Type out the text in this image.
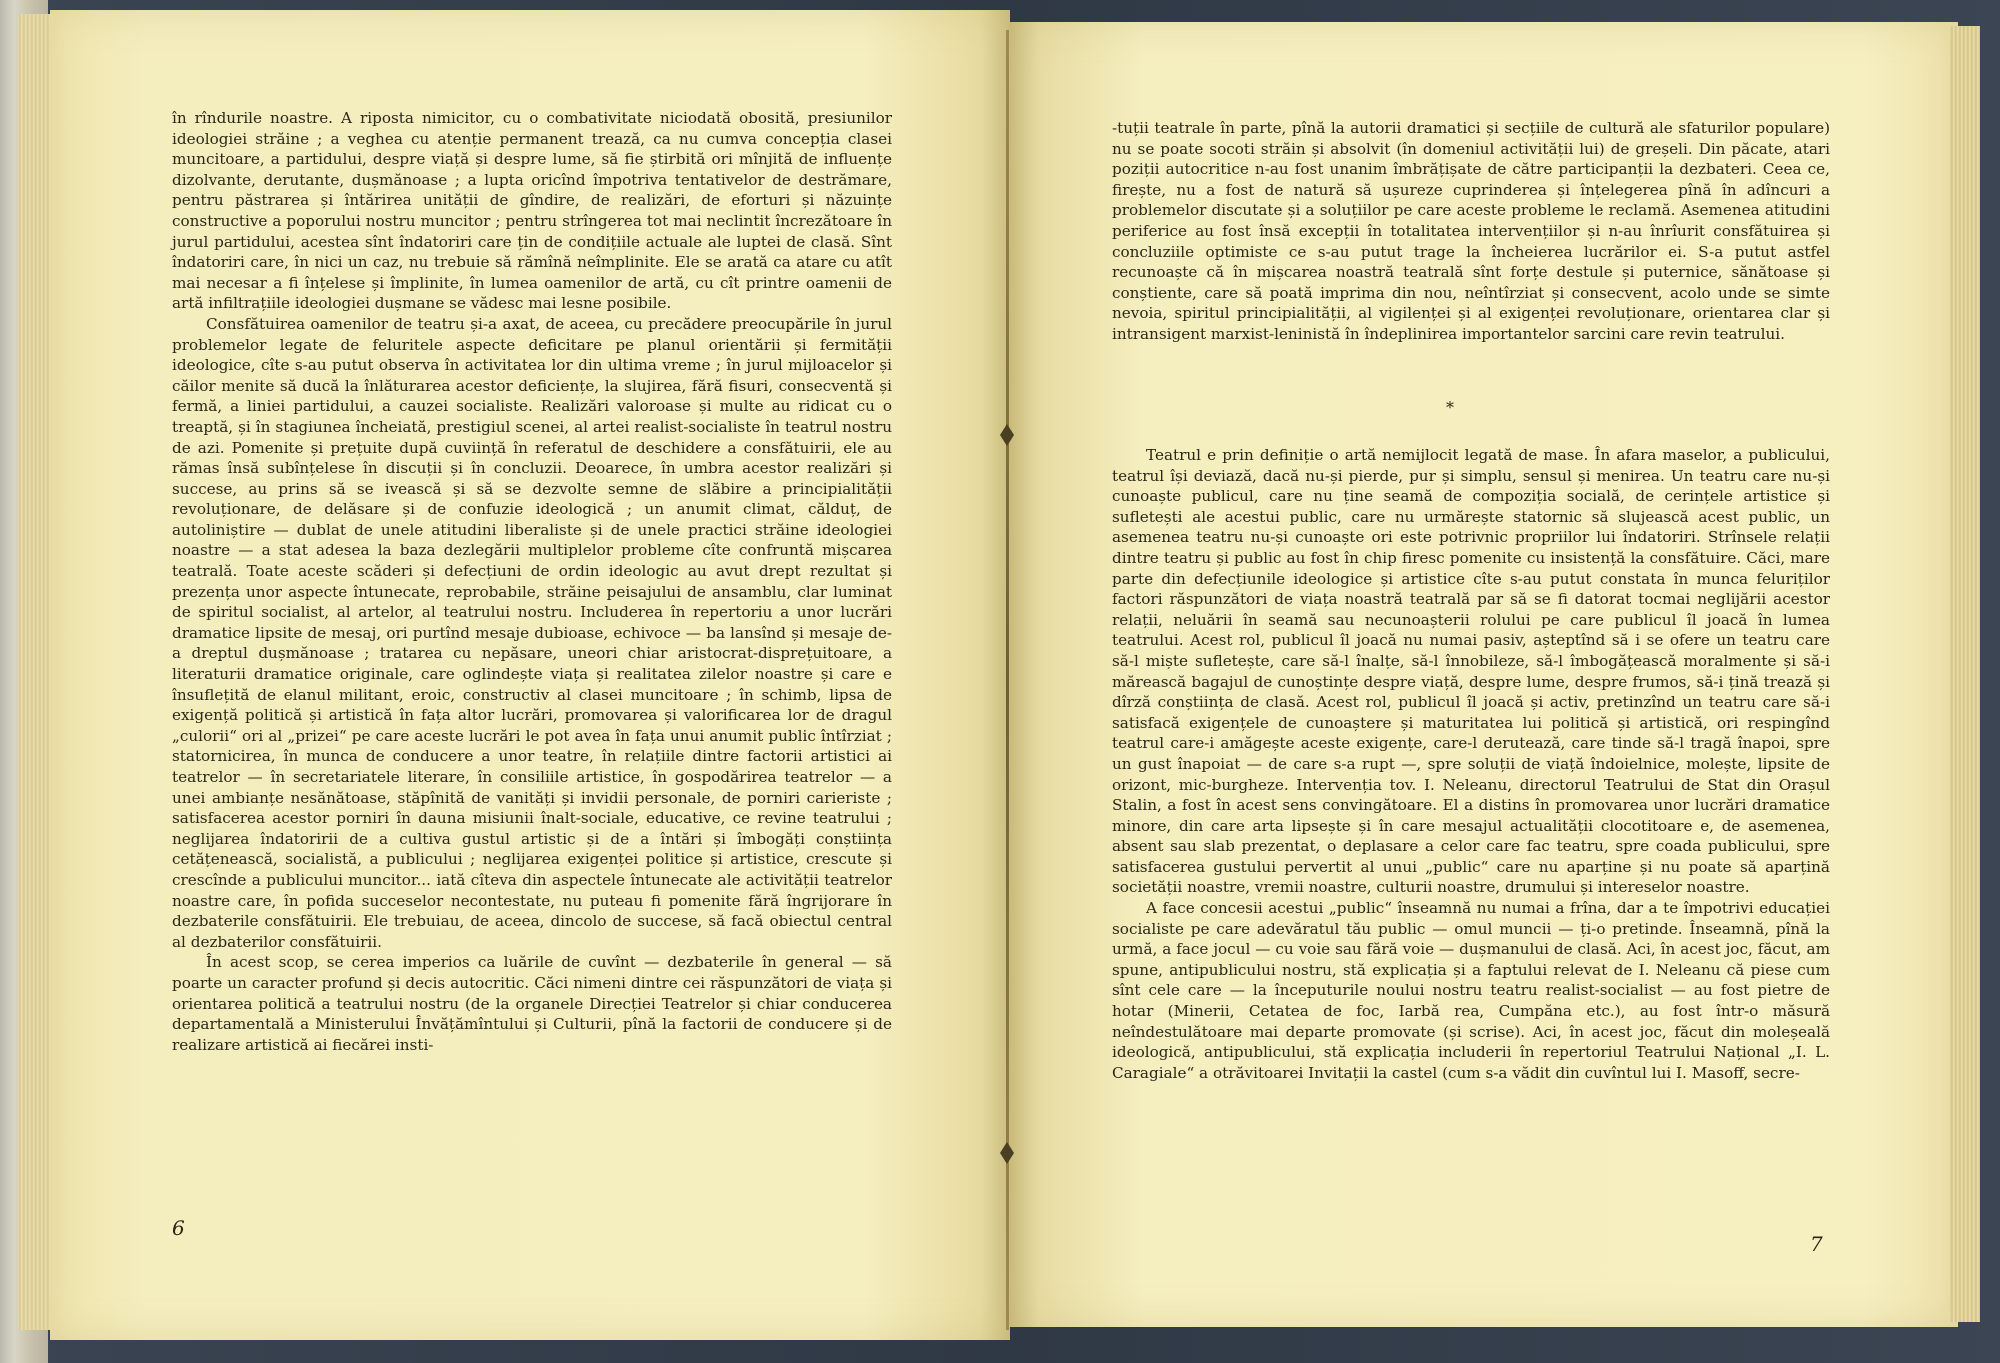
în rîndurile noastre. A riposta nimicitor, cu o combativitate niciodată obosită, presiunilor ideologiei străine ; a veghea cu atenție permanent trează, ca nu cumva concepția clasei muncitoare, a partidului, despre viață și despre lume, să fie știrbită ori mînjită de influențe dizolvante, derutante, dușmănoase ; a lupta oricînd împotriva tentativelor de destrămare, pentru păstrarea și întărirea unității de gîndire, de realizări, de eforturi și năzuințe constructive a poporului nostru muncitor ; pentru strîngerea tot mai neclintit încrezătoare în jurul partidului, acestea sînt îndatoriri care țin de condițiile actuale ale luptei de clasă. Sînt îndatoriri care, în nici un caz, nu trebuie să rămînă neîmplinite. Ele se arată ca atare cu atît mai necesar a fi înțelese și împlinite, în lumea oamenilor de artă, cu cît printre oamenii de artă infiltrațiile ideologiei dușmane se vădesc mai lesne posibile.

Consfătuirea oamenilor de teatru și-a axat, de aceea, cu precădere preocupările în jurul problemelor legate de feluritele aspecte deficitare pe planul orientării și fermității ideologice, cîte s-au putut observa în activitatea lor din ultima vreme ; în jurul mijloacelor și căilor menite să ducă la înlăturarea acestor deficiențe, la slujirea, fără fisuri, consecventă și fermă, a liniei partidului, a cauzei socialiste. Realizări valoroase și multe au ridicat cu o treaptă, și în stagiunea încheiată, prestigiul scenei, al artei realist-socialiste în teatrul nostru de azi. Pomenite și prețuite după cuviință în referatul de deschidere a consfătuirii, ele au rămas însă subînțelese în discuții și în concluzii. Deoarece, în umbra acestor realizări și succese, au prins să se ivească și să se dezvolte semne de slăbire a principialității revoluționare, de delăsare și de confuzie ideologică ; un anumit climat, călduț, de autoliniștire — dublat de unele atitudini liberaliste și de unele practici străine ideologiei noastre — a stat adesea la baza dezlegării multiplelor probleme cîte confruntă mișcarea teatrală. Toate aceste scăderi și defecțiuni de ordin ideologic au avut drept rezultat și prezența unor aspecte întunecate, reprobabile, străine peisajului de ansamblu, clar luminat de spiritul socialist, al artelor, al teatrului nostru. Includerea în repertoriu a unor lucrări dramatice lipsite de mesaj, ori purtînd mesaje dubioase, echivoce — ba lansînd și mesaje de-a dreptul dușmănoase ; tratarea cu nepăsare, uneori chiar aristocrat-disprețuitoare, a literaturii dramatice originale, care oglindește viața și realitatea zilelor noastre și care e însuflețită de elanul militant, eroic, constructiv al clasei muncitoare ; în schimb, lipsa de exigență politică și artistică în fața altor lucrări, promovarea și valorificarea lor de dragul „culorii“ ori al „prizei“ pe care aceste lucrări le pot avea în fața unui anumit public întîrziat ; statornicirea, în munca de conducere a unor teatre, în relațiile dintre factorii artistici ai teatrelor — în secretariatele literare, în consiliile artistice, în gospodărirea teatrelor — a unei ambianțe nesănătoase, stăpînită de vanități și invidii personale, de porniri carieriste ; satisfacerea acestor porniri în dauna misiunii înalt-sociale, educative, ce revine teatrului ; neglijarea îndatoririi de a cultiva gustul artistic și de a întări și îmbogăți conștiința cetățenească, socialistă, a publicului ; neglijarea exigenței politice și artistice, crescute și crescînde a publicului muncitor... iată cîteva din aspectele întunecate ale activității teatrelor noastre care, în pofida succeselor necontestate, nu puteau fi pomenite fără îngrijorare în dezbaterile consfătuirii. Ele trebuiau, de aceea, dincolo de succese, să facă obiectul central al dezbaterilor consfătuirii.

În acest scop, se cerea imperios ca luările de cuvînt — dezbaterile în general — să poarte un caracter profund și decis autocritic. Căci nimeni dintre cei răspunzători de viața și orientarea politică a teatrului nostru (de la organele Direcției Teatrelor și chiar conducerea departamentală a Ministerului Învățămîntului și Culturii, pînă la factorii de conducere și de realizare artistică ai fiecărei insti-

6

-tuții teatrale în parte, pînă la autorii dramatici și secțiile de cultură ale sfaturilor populare) nu se poate socoti străin și absolvit (în domeniul activității lui) de greșeli. Din păcate, atari poziții autocritice n-au fost unanim îmbrățișate de către participanții la dezbateri. Ceea ce, firește, nu a fost de natură să ușureze cuprinderea și înțelegerea pînă în adîncuri a problemelor discutate și a soluțiilor pe care aceste probleme le reclamă. Asemenea atitudini periferice au fost însă excepții în totalitatea intervențiilor și n-au înrîurit consfătuirea și concluziile optimiste ce s-au putut trage la încheierea lucrărilor ei. S-a putut astfel recunoaște că în mișcarea noastră teatrală sînt forțe destule și puternice, sănătoase și conștiente, care să poată imprima din nou, neîntîrziat și consecvent, acolo unde se simte nevoia, spiritul principialității, al vigilenței și al exigenței revoluționare, orientarea clar și intransigent marxist-leninistă în îndeplinirea importantelor sarcini care revin teatrului.

*

Teatrul e prin definiție o artă nemijlocit legată de mase. În afara maselor, a publicului, teatrul își deviază, dacă nu-și pierde, pur și simplu, sensul și menirea. Un teatru care nu-și cunoaște publicul, care nu ține seamă de compoziția socială, de cerințele artistice și sufletești ale acestui public, care nu urmărește statornic să slujească acest public, un asemenea teatru nu-și cunoaște ori este potrivnic propriilor lui îndatoriri. Strînsele relații dintre teatru și public au fost în chip firesc pomenite cu insistență la consfătuire. Căci, mare parte din defecțiunile ideologice și artistice cîte s-au putut constata în munca feluriților factori răspunzători de viața noastră teatrală par să se fi datorat tocmai neglijării acestor relații, neluării în seamă sau necunoașterii rolului pe care publicul îl joacă în lumea teatrului. Acest rol, publicul îl joacă nu numai pasiv, așteptînd să i se ofere un teatru care să-l miște sufletește, care să-l înalțe, să-l înnobileze, să-l îmbogățească moralmente și să-i mărească bagajul de cunoștințe despre viață, despre lume, despre frumos, să-i țină trează și dîrză conștiința de clasă. Acest rol, publicul îl joacă și activ, pretinzînd un teatru care să-i satisfacă exigențele de cunoaștere și maturitatea lui politică și artistică, ori respingînd teatrul care-i amăgește aceste exigențe, care-l derutează, care tinde să-l tragă înapoi, spre un gust înapoiat — de care s-a rupt —, spre soluții de viață îndoielnice, molește, lipsite de orizont, mic-burgheze. Intervenția tov. I. Neleanu, directorul Teatrului de Stat din Orașul Stalin, a fost în acest sens convingătoare. El a distins în promovarea unor lucrări dramatice minore, din care arta lipsește și în care mesajul actualității clocotitoare e, de asemenea, absent sau slab prezentat, o deplasare a celor care fac teatru, spre coada publicului, spre satisfacerea gustului pervertit al unui „public“ care nu aparține și nu poate să aparțină societății noastre, vremii noastre, culturii noastre, drumului și intereselor noastre.

A face concesii acestui „public“ înseamnă nu numai a frîna, dar a te împotrivi educației socialiste pe care adevăratul tău public — omul muncii — ți-o pretinde. Înseamnă, pînă la urmă, a face jocul — cu voie sau fără voie — dușmanului de clasă. Aci, în acest joc, făcut, am spune, antipublicului nostru, stă explicația și a faptului relevat de I. Neleanu că piese cum sînt cele care — la începuturile noului nostru teatru realist-socialist — au fost pietre de hotar (Minerii, Cetatea de foc, Iarbă rea, Cumpăna etc.), au fost într-o măsură neîndestulătoare mai departe promovate (și scrise). Aci, în acest joc, făcut din moleșeală ideologică, antipublicului, stă explicația includerii în repertoriul Teatrului Național „I. L. Caragiale“ a otrăvitoarei Invitații la castel (cum s-a vădit din cuvîntul lui I. Masoff, secre-

7
